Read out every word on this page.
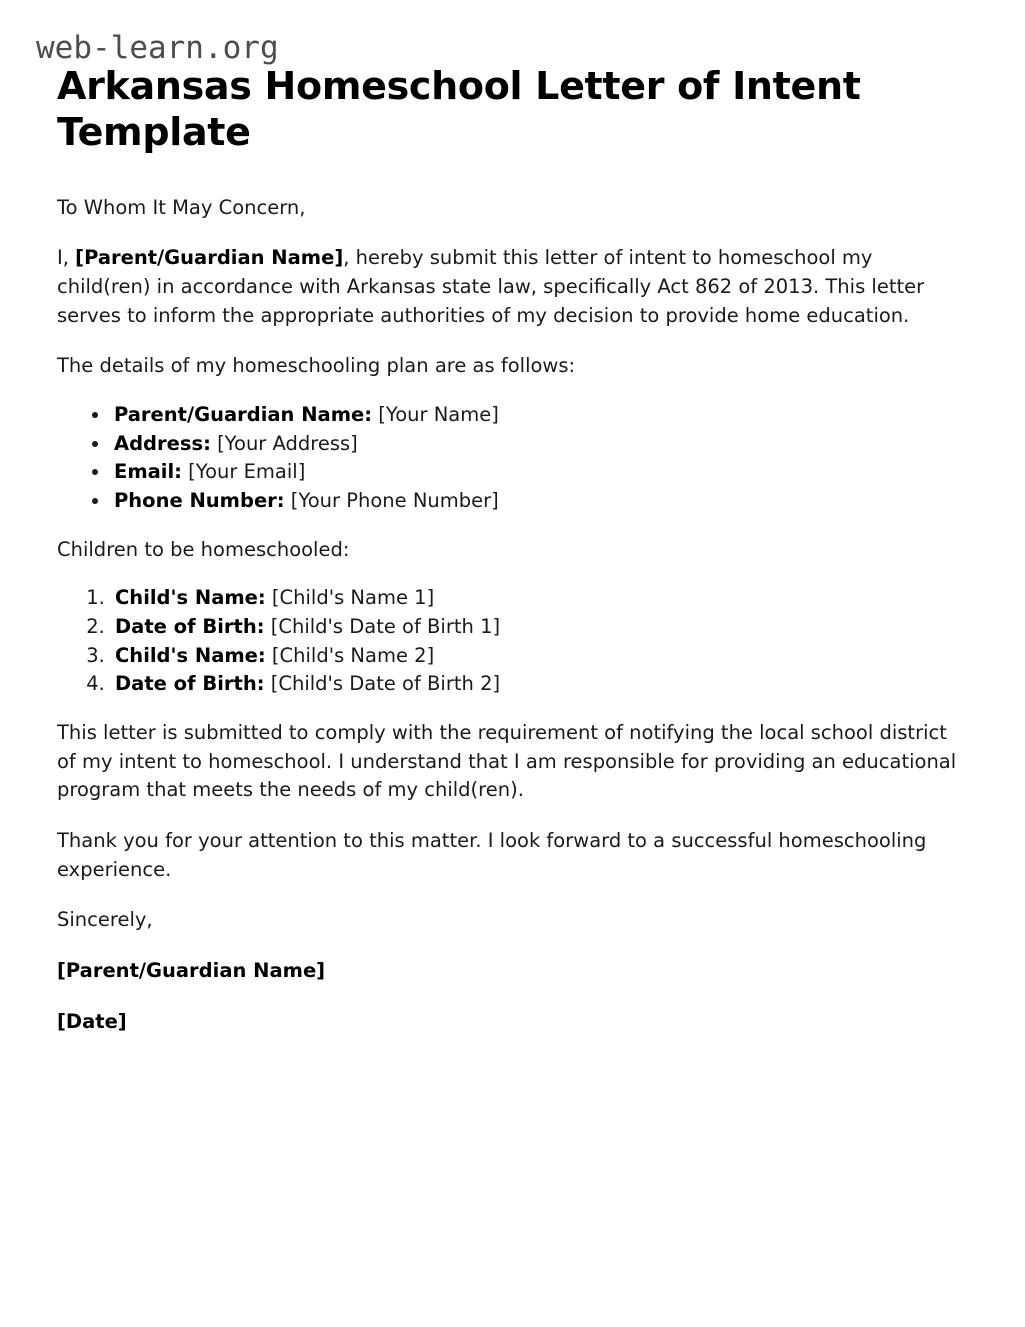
web-learn.org
Arkansas Homeschool Letter of Intent Template

To Whom It May Concern,

I, [Parent/Guardian Name], hereby submit this letter of intent to homeschool my child(ren) in accordance with Arkansas state law, specifically Act 862 of 2013. This letter serves to inform the appropriate authorities of my decision to provide home education.

The details of my homeschooling plan are as follows:

• Parent/Guardian Name: [Your Name]
• Address: [Your Address]
• Email: [Your Email]
• Phone Number: [Your Phone Number]

Children to be homeschooled:

1. Child's Name: [Child's Name 1]
2. Date of Birth: [Child's Date of Birth 1]
3. Child's Name: [Child's Name 2]
4. Date of Birth: [Child's Date of Birth 2]

This letter is submitted to comply with the requirement of notifying the local school district of my intent to homeschool. I understand that I am responsible for providing an educational program that meets the needs of my child(ren).

Thank you for your attention to this matter. I look forward to a successful homeschooling experience.

Sincerely,

[Parent/Guardian Name]

[Date]
